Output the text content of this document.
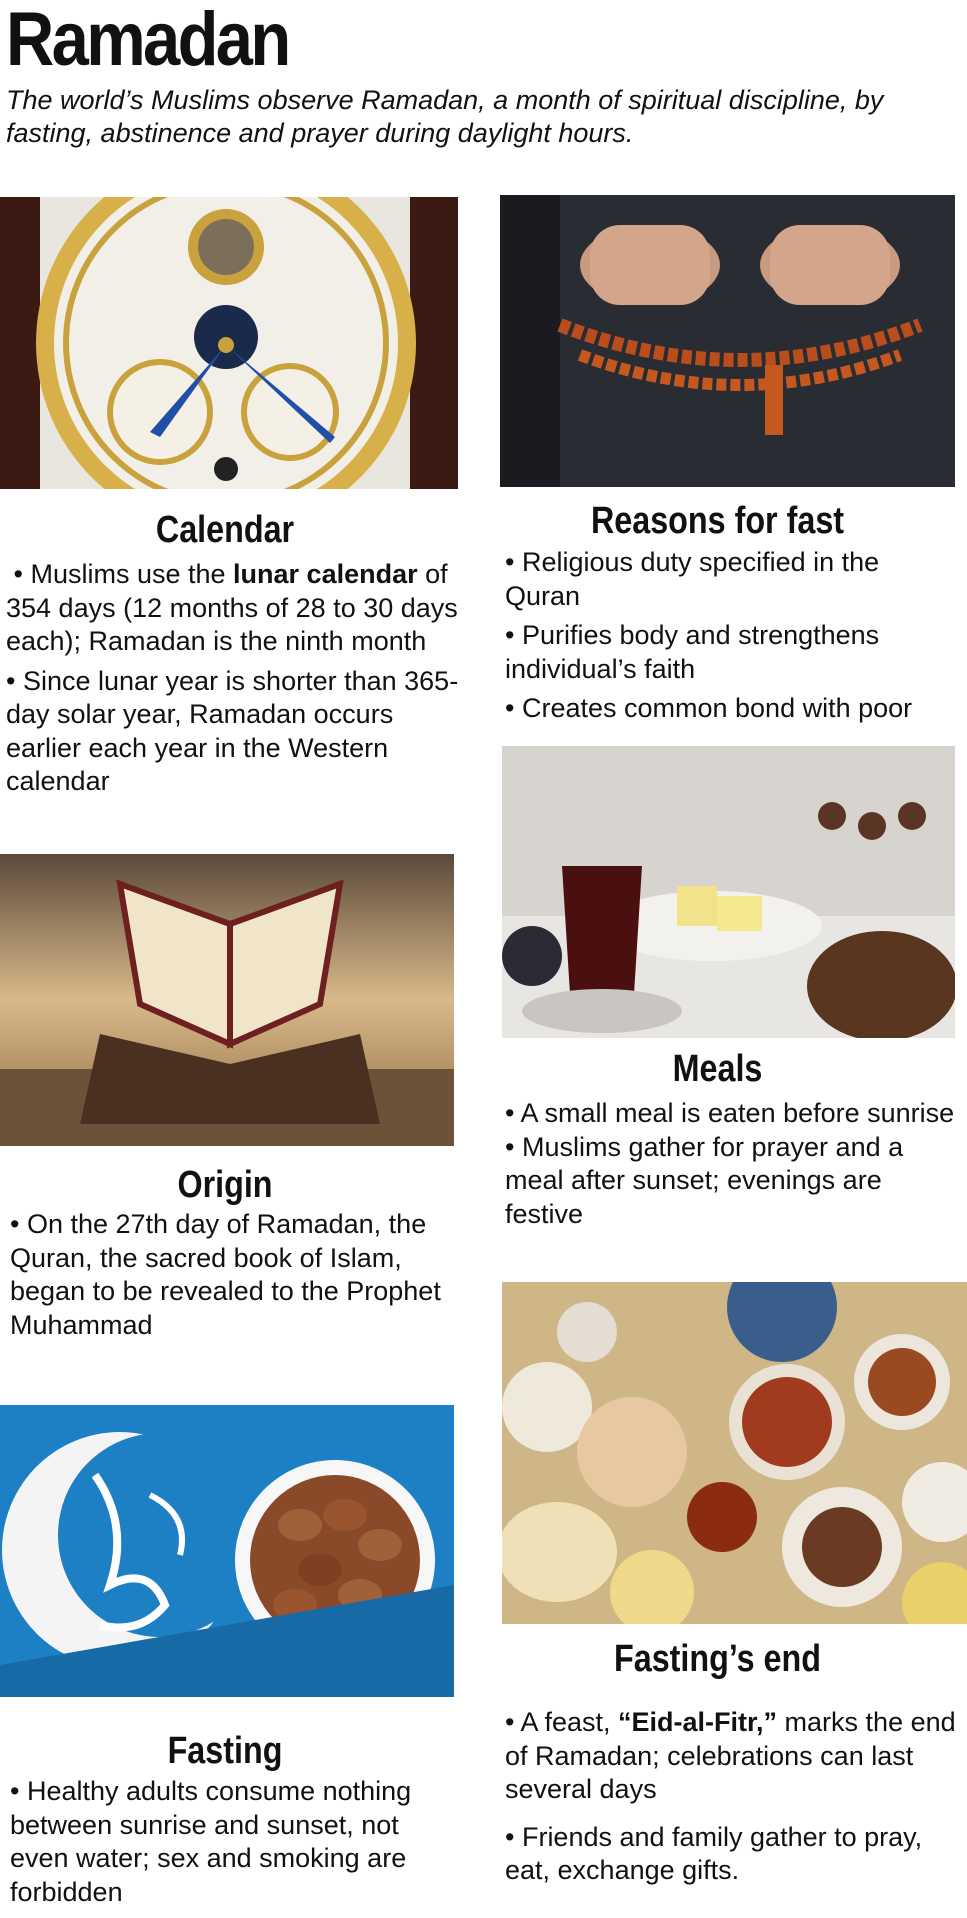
Ramadan
The world’s Muslims observe Ramadan, a month of spiritual discipline, by fasting, abstinence and prayer during daylight hours.
Calendar

• Muslims use the lunar calendar of 354 days (12 months of 28 to 30 days each); Ramadan is the ninth month

• Since lunar year is shorter than 365-day solar year, Ramadan occurs earlier each year in the Western calendar

Reasons for fast

• Religious duty specified in the Quran

• Purifies body and strengthens individual’s faith

• Creates common bond with poor

Meals

• A small meal is eaten before sunrise

• Muslims gather for prayer and a meal after sunset; evenings are festive

Origin

• On the 27th day of Ramadan, the Quran, the sacred book of Islam, began to be revealed to the Prophet Muhammad

Fasting’s end

• A feast, “Eid-al-Fitr,” marks the end of Ramadan; celebrations can last several days

• Friends and family gather to pray, eat, exchange gifts.

Fasting

• Healthy adults consume nothing between sunrise and sunset, not even water; sex and smoking are forbidden
